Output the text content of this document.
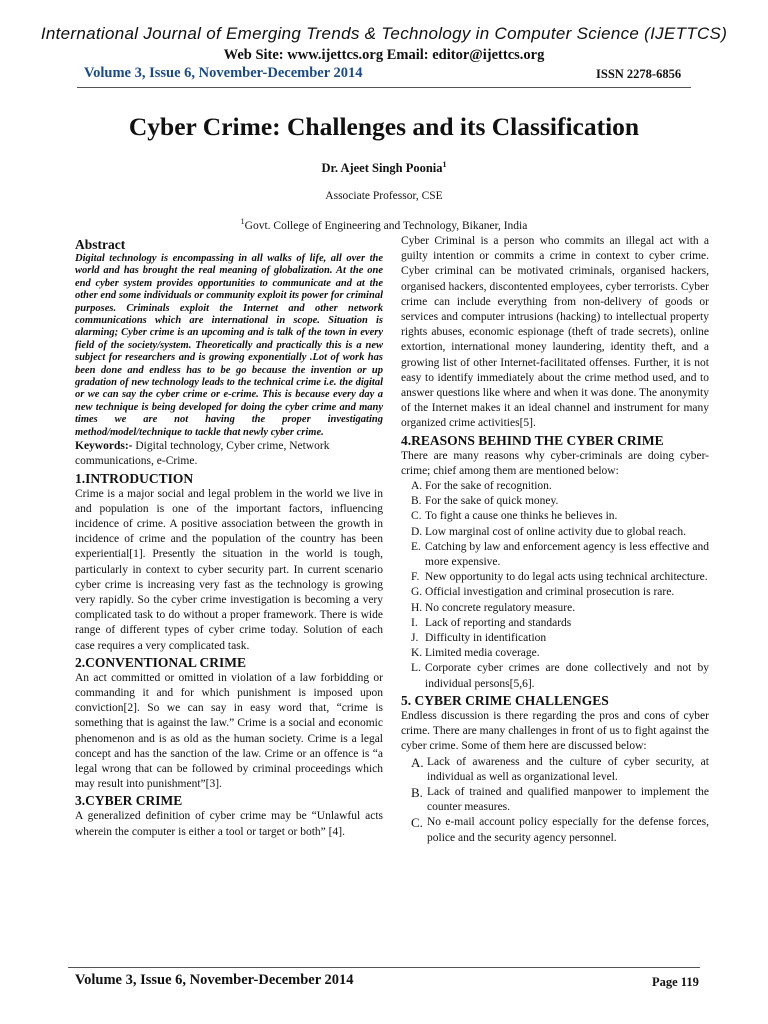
International Journal of Emerging Trends & Technology in Computer Science (IJETTCS)
Web Site: www.ijettcs.org Email: editor@ijettcs.org
Volume 3, Issue 6, November-December 2014	ISSN 2278-6856
Cyber Crime: Challenges and its Classification
Dr. Ajeet Singh Poonia$^1$
Associate Professor, CSE
$^1$Govt. College of Engineering and Technology, Bikaner, India
Abstract

Digital technology is encompassing in all walks of life, all over the world and has brought the real meaning of globalization. At the one end cyber system provides opportunities to communicate and at the other end some individuals or community exploit its power for criminal purposes. Criminals exploit the Internet and other network communications which are international in scope. Situation is alarming; Cyber crime is an upcoming and is talk of the town in every field of the society/system. Theoretically and practically this is a new subject for researchers and is growing exponentially .Lot of work has been done and endless has to be go because the invention or up gradation of new technology leads to the technical crime i.e. the digital or we can say the cyber crime or e-crime. This is because every day a new technique is being developed for doing the cyber crime and many times we are not having the proper investigating method/model/technique to tackle that newly cyber crime.

Keywords:- Digital technology, Cyber crime, Network communications, e-Crime.

1.INTRODUCTION

Crime is a major social and legal problem in the world we live in and population is one of the important factors, influencing incidence of crime. A positive association between the growth in incidence of crime and the population of the country has been experiential[1]. Presently the situation in the world is tough, particularly in context to cyber security part. In current scenario cyber crime is increasing very fast as the technology is growing very rapidly. So the cyber crime investigation is becoming a very complicated task to do without a proper framework. There is wide range of different types of cyber crime today. Solution of each case requires a very complicated task.

2.CONVENTIONAL CRIME

An act committed or omitted in violation of a law forbidding or commanding it and for which punishment is imposed upon conviction[2]. So we can say in easy word that, “crime is something that is against the law.” Crime is a social and economic phenomenon and is as old as the human society. Crime is a legal concept and has the sanction of the law. Crime or an offence is “a legal wrong that can be followed by criminal proceedings which may result into punishment”[3].

3.CYBER CRIME

A generalized definition of cyber crime may be “Unlawful acts wherein the computer is either a tool or target or both” [4].

Cyber Criminal is a person who commits an illegal act with a guilty intention or commits a crime in context to cyber crime. Cyber criminal can be motivated criminals, organised hackers, organised hackers, discontented employees, cyber terrorists. Cyber crime can include everything from non-delivery of goods or services and computer intrusions (hacking) to intellectual property rights abuses, economic espionage (theft of trade secrets), online extortion, international money laundering, identity theft, and a growing list of other Internet-facilitated offenses. Further, it is not easy to identify immediately about the crime method used, and to answer questions like where and when it was done. The anonymity of the Internet makes it an ideal channel and instrument for many organized crime activities[5].

4.REASONS BEHIND THE CYBER CRIME

There are many reasons why cyber-criminals are doing cyber-crime; chief among them are mentioned below:

A. For the sake of recognition.
B. For the sake of quick money.
C. To fight a cause one thinks he believes in.
D. Low marginal cost of online activity due to global reach.
E. Catching by law and enforcement agency is less effective and more expensive.
F. New opportunity to do legal acts using technical architecture.
G. Official investigation and criminal prosecution is rare.
H. No concrete regulatory measure.
I. Lack of reporting and standards
J. Difficulty in identification
K. Limited media coverage.
L. Corporate cyber crimes are done collectively and not by individual persons[5,6].
5. CYBER CRIME CHALLENGES

Endless discussion is there regarding the pros and cons of cyber crime. There are many challenges in front of us to fight against the cyber crime. Some of them here are discussed below:

A. Lack of awareness and the culture of cyber security, at individual as well as organizational level.
B. Lack of trained and qualified manpower to implement the counter measures.
C. No e-mail account policy especially for the defense forces, police and the security agency personnel.
Volume 3, Issue 6, November-December 2014	Page 119
